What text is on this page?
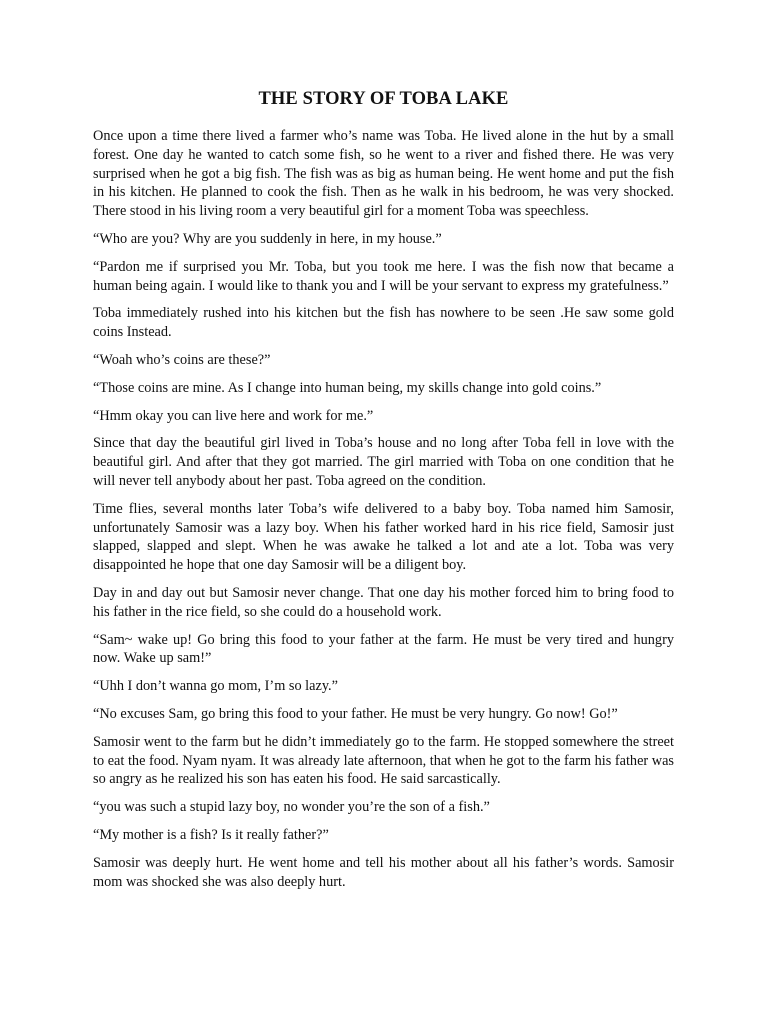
THE STORY OF TOBA LAKE

Once upon a time there lived a farmer who’s name was Toba. He lived alone in the hut by a small forest. One day he wanted to catch some fish, so he went to a river and fished there. He was very surprised when he got a big fish. The fish was as big as human being. He went home and put the fish in his kitchen. He planned to cook the fish. Then as he walk in his bedroom, he was very shocked. There stood in his living room a very beautiful girl for a moment Toba was speechless.

“Who are you? Why are you suddenly in here, in my house.”

“Pardon me if surprised you Mr. Toba, but you took me here. I was the fish now that became a human being again. I would like to thank you and I will be your servant to express my gratefulness.”

Toba immediately rushed into his kitchen but the fish has nowhere to be seen .He saw some gold coins Instead.

“Woah who’s coins are these?”

“Those coins are mine. As I change into human being, my skills change into gold coins.”

“Hmm okay you can live here and work for me.”

Since that day the beautiful girl lived in Toba’s house and no long after Toba fell in love with the beautiful girl. And after that they got married. The girl married with Toba on one condition that he will never tell anybody about her past. Toba agreed on the condition.

Time flies, several months later Toba’s wife delivered to a baby boy. Toba named him Samosir, unfortunately Samosir was a lazy boy. When his father worked hard in his rice field, Samosir just slapped, slapped and slept. When he was awake he talked a lot and ate a lot. Toba was very disappointed he hope that one day Samosir will be a diligent boy.

Day in and day out but Samosir never change. That one day his mother forced him to bring food to his father in the rice field, so she could do a household work.

“Sam~ wake up! Go bring this food to your father at the farm. He must be very tired and hungry now. Wake up sam!”

“Uhh I don’t wanna go mom, I’m so lazy.”

“No excuses Sam, go bring this food to your father. He must be very hungry. Go now! Go!”

Samosir went to the farm but he didn’t immediately go to the farm. He stopped somewhere the street to eat the food. Nyam nyam. It was already late afternoon, that when he got to the farm his father was so angry as he realized his son has eaten his food. He said sarcastically.

“you was such a stupid lazy boy, no wonder you’re the son of a fish.”

“My mother is a fish? Is it really father?”

Samosir was deeply hurt. He went home and tell his mother about all his father’s words. Samosir mom was shocked she was also deeply hurt.
